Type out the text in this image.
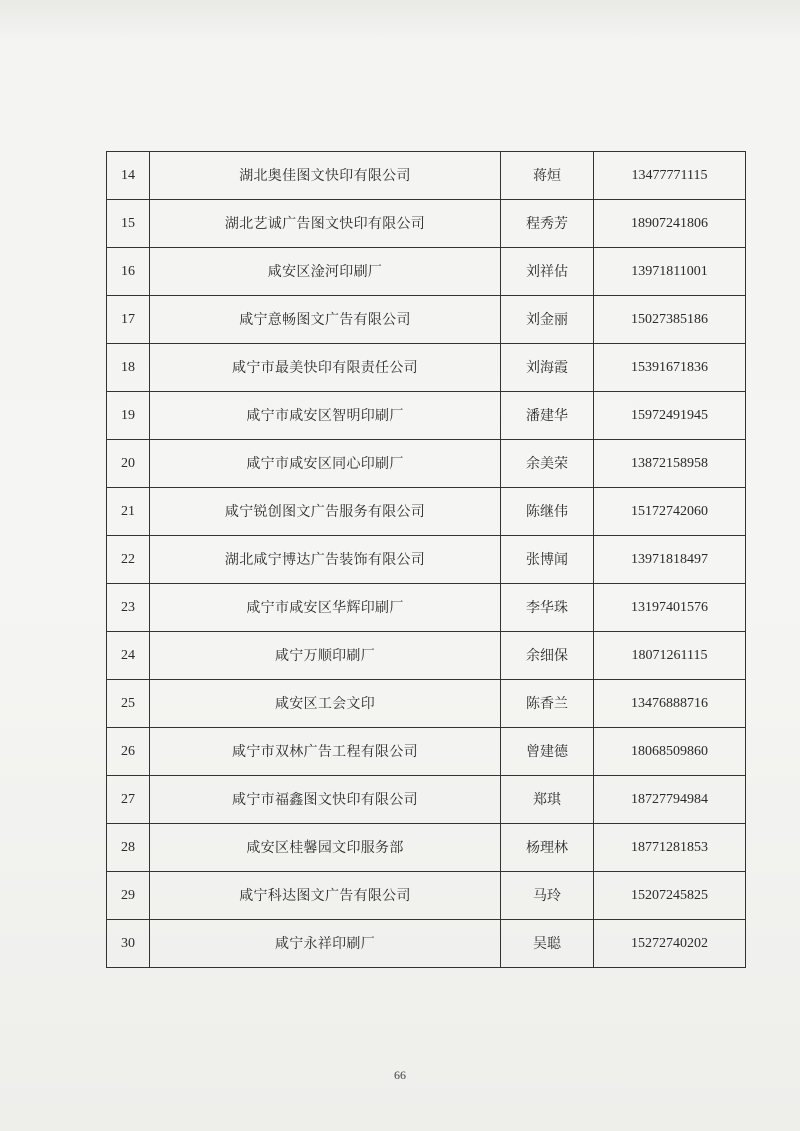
14	湖北奥佳图文快印有限公司	蒋烜	13477771115
15	湖北艺诚广告图文快印有限公司	程秀芳	18907241806
16	咸安区淦河印刷厂	刘祥估	13971811001
17	咸宁意畅图文广告有限公司	刘金丽	15027385186
18	咸宁市最美快印有限责任公司	刘海霞	15391671836
19	咸宁市咸安区智明印刷厂	潘建华	15972491945
20	咸宁市咸安区同心印刷厂	余美荣	13872158958
21	咸宁锐创图文广告服务有限公司	陈继伟	15172742060
22	湖北咸宁博达广告装饰有限公司	张博闻	13971818497
23	咸宁市咸安区华辉印刷厂	李华珠	13197401576
24	咸宁万顺印刷厂	余细保	18071261115
25	咸安区工会文印	陈香兰	13476888716
26	咸宁市双林广告工程有限公司	曾建德	18068509860
27	咸宁市福鑫图文快印有限公司	郑琪	18727794984
28	咸安区桂馨园文印服务部	杨理林	18771281853
29	咸宁科达图文广告有限公司	马玲	15207245825
30	咸宁永祥印刷厂	吴聪	15272740202
66
